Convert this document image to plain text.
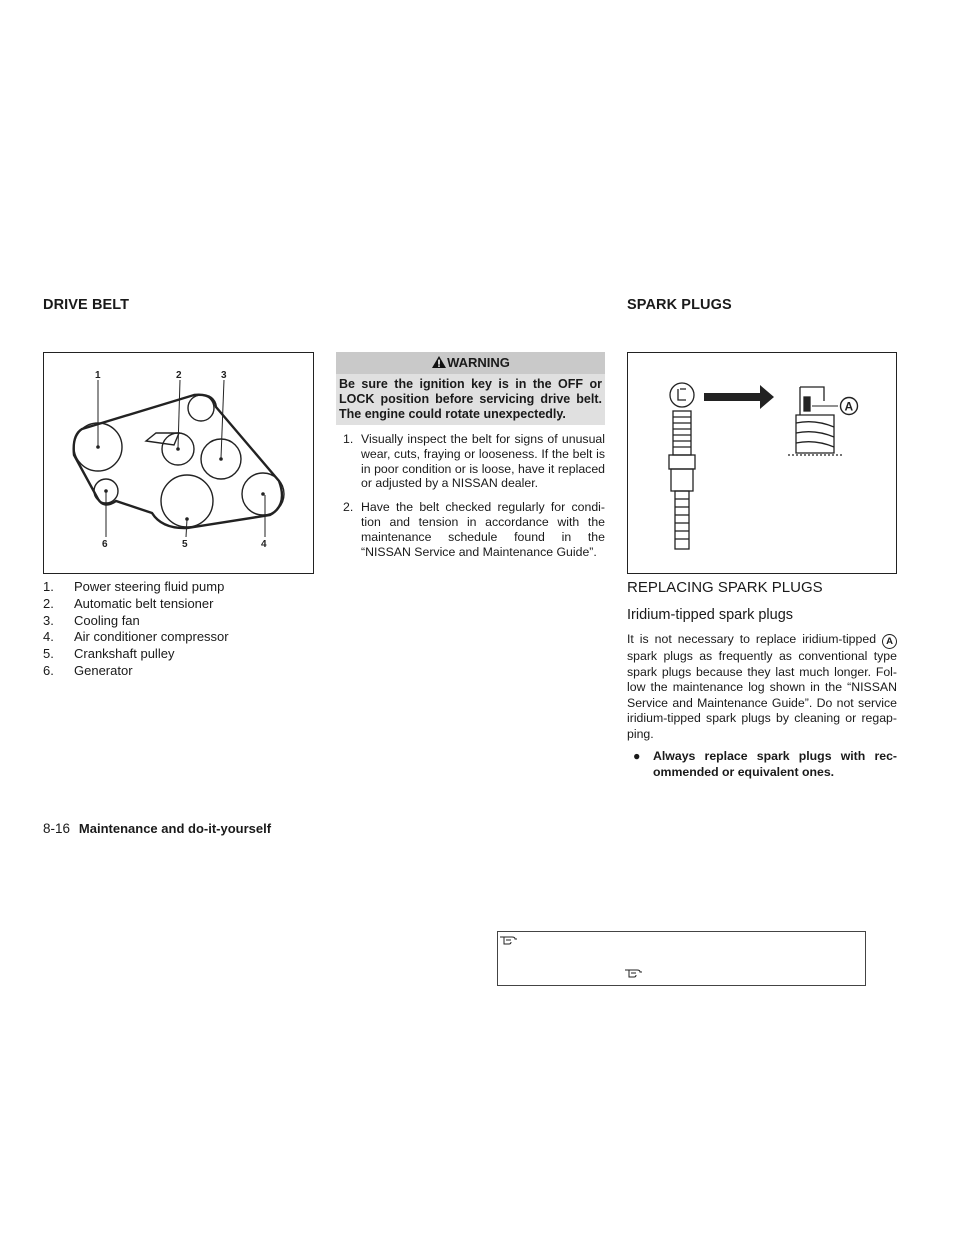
DRIVE BELT
1	2	3
6	5	4
1. Power steering fluid pump
2. Automatic belt tensioner
3. Cooling fan
4. Air conditioner compressor
5. Crankshaft pulley
6. Generator
WARNING
Be sure the ignition key is in the OFF or LOCK position before servicing drive belt. The engine could rotate unexpectedly.
1. Visually inspect the belt for signs of unusual wear, cuts, fraying or looseness. If the belt is in poor condition or is loose, have it replaced or adjusted by a NISSAN dealer.
2. Have the belt checked regularly for condi-tion and tension in accordance with the maintenance schedule found in the “NISSAN Service and Maintenance Guide”.
SPARK PLUGS
A
REPLACING SPARK PLUGS
Iridium-tipped spark plugs
It is not necessary to replace iridium-tipped A spark plugs as frequently as conventional type spark plugs because they last much longer. Fol-low the maintenance log shown in the “NISSAN Service and Maintenance Guide”. Do not service iridium-tipped spark plugs by cleaning or regap-ping.
● Always replace spark plugs with rec-ommended or equivalent ones.
8-16 Maintenance and do-it-yourself
